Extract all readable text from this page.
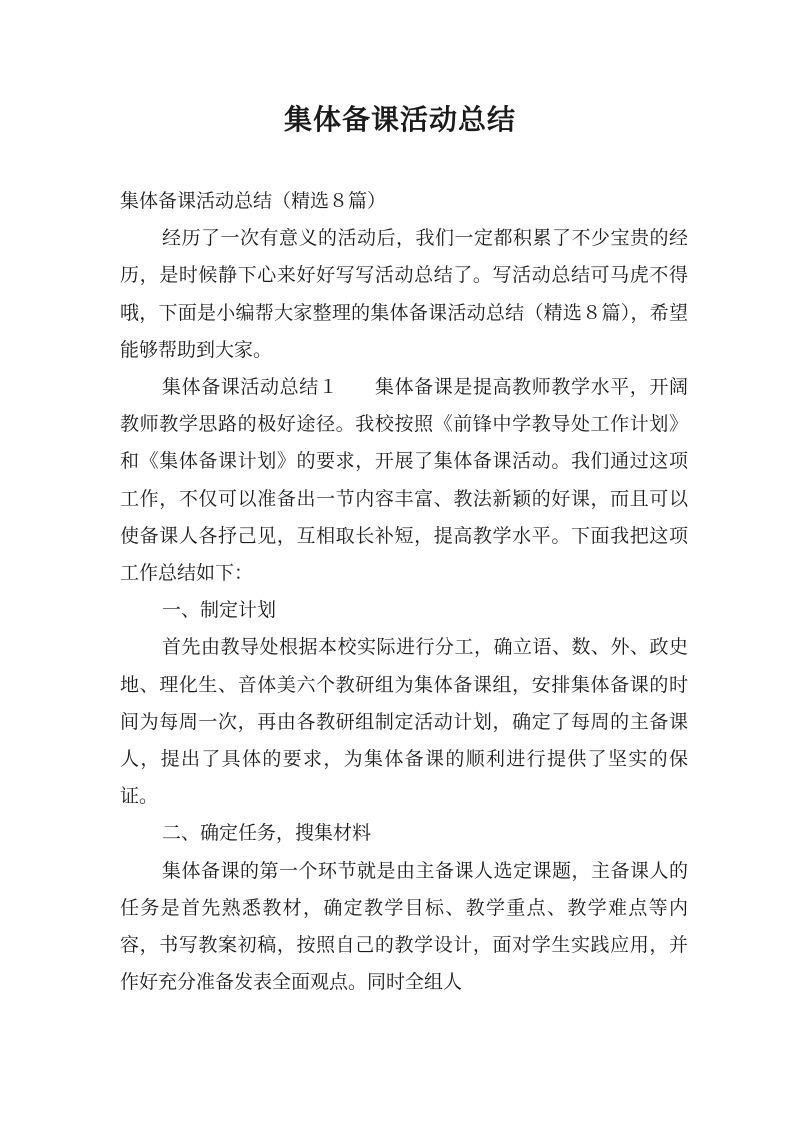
集体备课活动总结

集体备课活动总结（精选８篇）

经历了一次有意义的活动后，我们一定都积累了不少宝贵的经历，是时候静下心来好好写写活动总结了。写活动总结可马虎不得哦，下面是小编帮大家整理的集体备课活动总结（精选８篇），希望能够帮助到大家。

集体备课活动总结１ 集体备课是提高教师教学水平，开阔教师教学思路的极好途径。我校按照《前锋中学教导处工作计划》和《集体备课计划》的要求，开展了集体备课活动。我们通过这项工作，不仅可以准备出一节内容丰富、教法新颖的好课，而且可以使备课人各抒己见，互相取长补短，提高教学水平。下面我把这项工作总结如下：

一、制定计划

首先由教导处根据本校实际进行分工，确立语、数、外、政史地、理化生、音体美六个教研组为集体备课组，安排集体备课的时间为每周一次，再由各教研组制定活动计划，确定了每周的主备课人，提出了具体的要求，为集体备课的顺利进行提供了坚实的保证。

二、确定任务，搜集材料

集体备课的第一个环节就是由主备课人选定课题，主备课人的任务是首先熟悉教材，确定教学目标、教学重点、教学难点等内容，书写教案初稿，按照自己的教学设计，面对学生实践应用，并作好充分准备发表全面观点。同时全组人
